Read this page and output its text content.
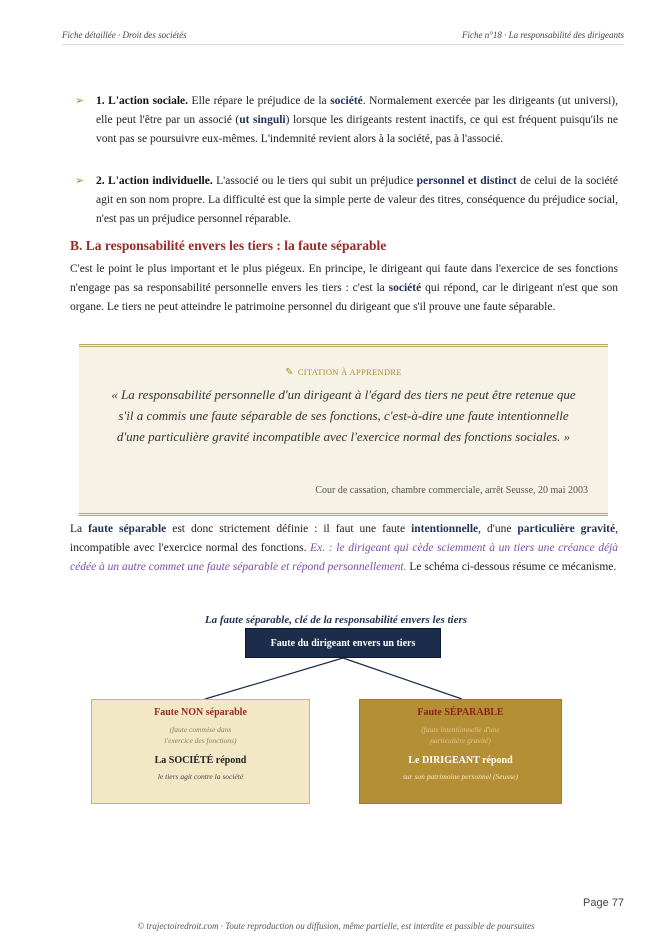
Fiche détaillée · Droit des sociétés	Fiche n°18 · La responsabilité des dirigeants
➢ 1. L'action sociale. Elle répare le préjudice de la société. Normalement exercée par les dirigeants (ut universi), elle peut l'être par un associé (ut singuli) lorsque les dirigeants restent inactifs, ce qui est fréquent puisqu'ils ne vont pas se poursuivre eux-mêmes. L'indemnité revient alors à la société, pas à l'associé.
➢ 2. L'action individuelle. L'associé ou le tiers qui subit un préjudice personnel et distinct de celui de la société agit en son nom propre. La difficulté est que la simple perte de valeur des titres, conséquence du préjudice social, n'est pas un préjudice personnel réparable.
B. La responsabilité envers les tiers : la faute séparable
C'est le point le plus important et le plus piégeux. En principe, le dirigeant qui faute dans l'exercice de ses fonctions n'engage pas sa responsabilité personnelle envers les tiers : c'est la société qui répond, car le dirigeant n'est que son organe. Le tiers ne peut atteindre le patrimoine personnel du dirigeant que s'il prouve une faute séparable.
✎ CITATION À APPRENDRE
« La responsabilité personnelle d'un dirigeant à l'égard des tiers ne peut être retenue que s'il a commis une faute séparable de ses fonctions, c'est-à-dire une faute intentionnelle d'une particulière gravité incompatible avec l'exercice normal des fonctions sociales. »
Cour de cassation, chambre commerciale, arrêt Seusse, 20 mai 2003
La faute séparable est donc strictement définie : il faut une faute intentionnelle, d'une particulière gravité, incompatible avec l'exercice normal des fonctions. Ex. : le dirigeant qui cède sciemment à un tiers une créance déjà cédée à un autre commet une faute séparable et répond personnellement. Le schéma ci-dessous résume ce mécanisme.
La faute séparable, clé de la responsabilité envers les tiers
Faute du dirigeant envers un tiers
Faute NON séparable
(faute commise dans
l'exercice des fonctions)
La SOCIÉTÉ répond
le tiers agit contre la société
Faute SÉPARABLE
(faute intentionnelle d'une
particulière gravité)
Le DIRIGEANT répond
sur son patrimoine personnel (Seusse)
Page 77
© trajectoiredroit.com · Toute reproduction ou diffusion, même partielle, est interdite et passible de poursuites
